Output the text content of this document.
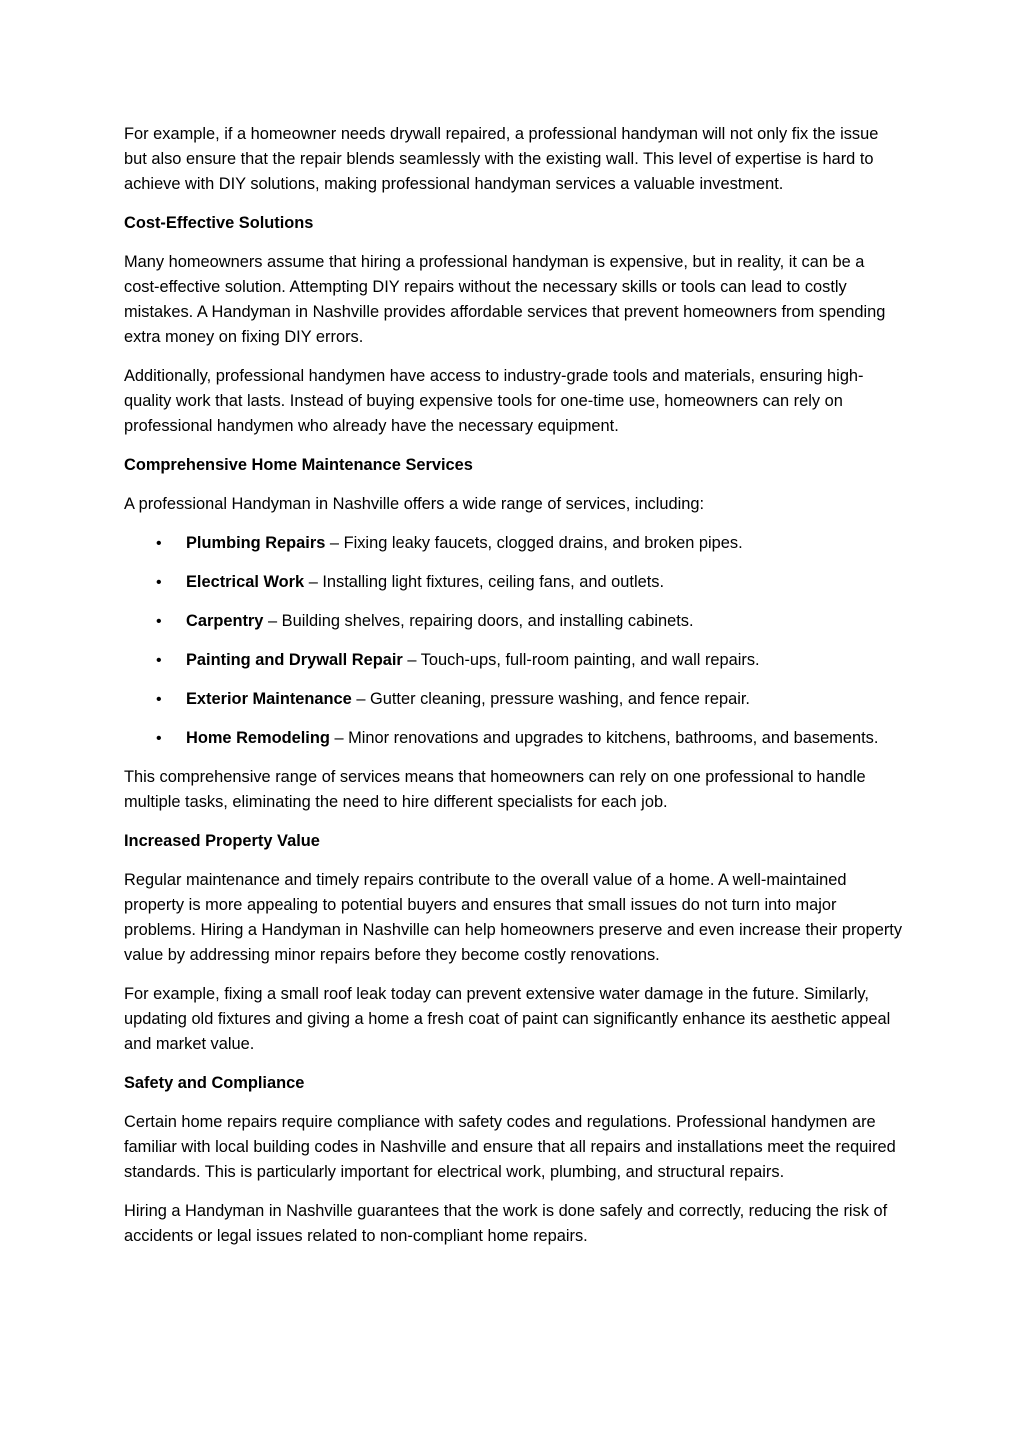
For example, if a homeowner needs drywall repaired, a professional handyman will not only fix the issue but also ensure that the repair blends seamlessly with the existing wall. This level of expertise is hard to achieve with DIY solutions, making professional handyman services a valuable investment.

Cost-Effective Solutions

Many homeowners assume that hiring a professional handyman is expensive, but in reality, it can be a cost-effective solution. Attempting DIY repairs without the necessary skills or tools can lead to costly mistakes. A Handyman in Nashville provides affordable services that prevent homeowners from spending extra money on fixing DIY errors.

Additionally, professional handymen have access to industry-grade tools and materials, ensuring high-quality work that lasts. Instead of buying expensive tools for one-time use, homeowners can rely on professional handymen who already have the necessary equipment.

Comprehensive Home Maintenance Services

A professional Handyman in Nashville offers a wide range of services, including:

• Plumbing Repairs – Fixing leaky faucets, clogged drains, and broken pipes.
• Electrical Work – Installing light fixtures, ceiling fans, and outlets.
• Carpentry – Building shelves, repairing doors, and installing cabinets.
• Painting and Drywall Repair – Touch-ups, full-room painting, and wall repairs.
• Exterior Maintenance – Gutter cleaning, pressure washing, and fence repair.
• Home Remodeling – Minor renovations and upgrades to kitchens, bathrooms, and basements.

This comprehensive range of services means that homeowners can rely on one professional to handle multiple tasks, eliminating the need to hire different specialists for each job.

Increased Property Value

Regular maintenance and timely repairs contribute to the overall value of a home. A well-maintained property is more appealing to potential buyers and ensures that small issues do not turn into major problems. Hiring a Handyman in Nashville can help homeowners preserve and even increase their property value by addressing minor repairs before they become costly renovations.

For example, fixing a small roof leak today can prevent extensive water damage in the future. Similarly, updating old fixtures and giving a home a fresh coat of paint can significantly enhance its aesthetic appeal and market value.

Safety and Compliance

Certain home repairs require compliance with safety codes and regulations. Professional handymen are familiar with local building codes in Nashville and ensure that all repairs and installations meet the required standards. This is particularly important for electrical work, plumbing, and structural repairs.

Hiring a Handyman in Nashville guarantees that the work is done safely and correctly, reducing the risk of accidents or legal issues related to non-compliant home repairs.
